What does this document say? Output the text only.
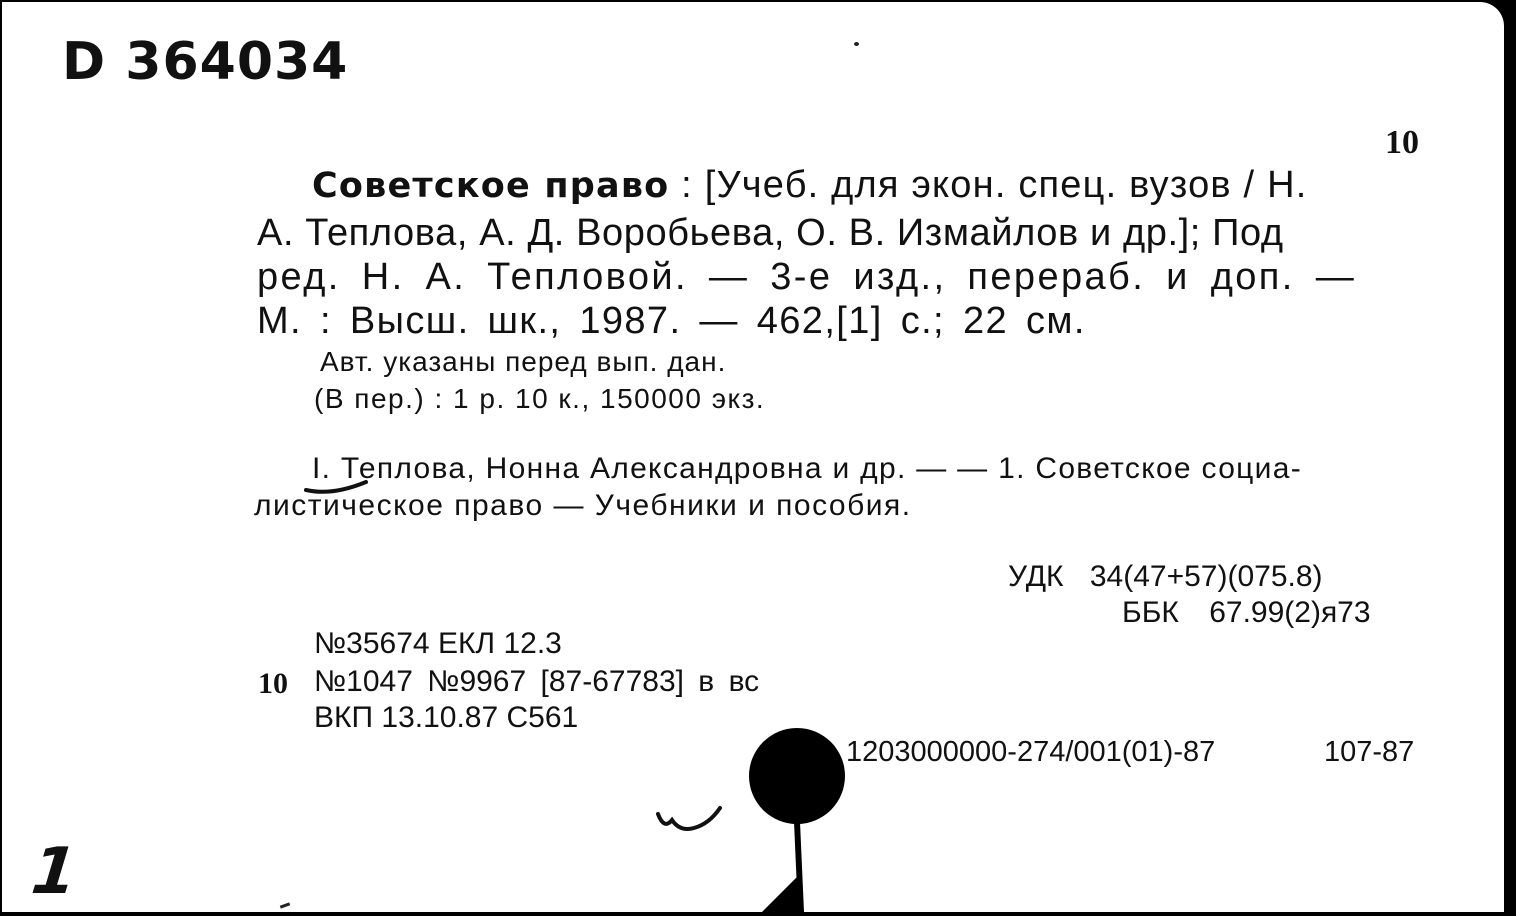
D 364034
10
Советское право : [Учеб. для экон. спец. вузов / Н.
А. Теплова, А. Д. Воробьева, О. В. Измайлов и др.]; Под
ред. Н. А. Тепловой. — 3-е изд., перераб. и доп. —
М. : Высш. шк., 1987. — 462,[1] с.; 22 см.
Авт. указаны перед вып. дан.
(В пер.) : 1 р. 10 к., 150000 экз.
I. Теплова, Нонна Александровна и др. — — 1. Советское социа-
листическое право — Учебники и пособия.
УДК 34(47+57)(075.8)
ББК 67.99(2)я73
№35674 ЕКЛ 12.3
10 №1047 №9967 [87-67783] в вс
ВКП 13.10.87 С561
1203000000-274/001(01)-87	107-87
1
